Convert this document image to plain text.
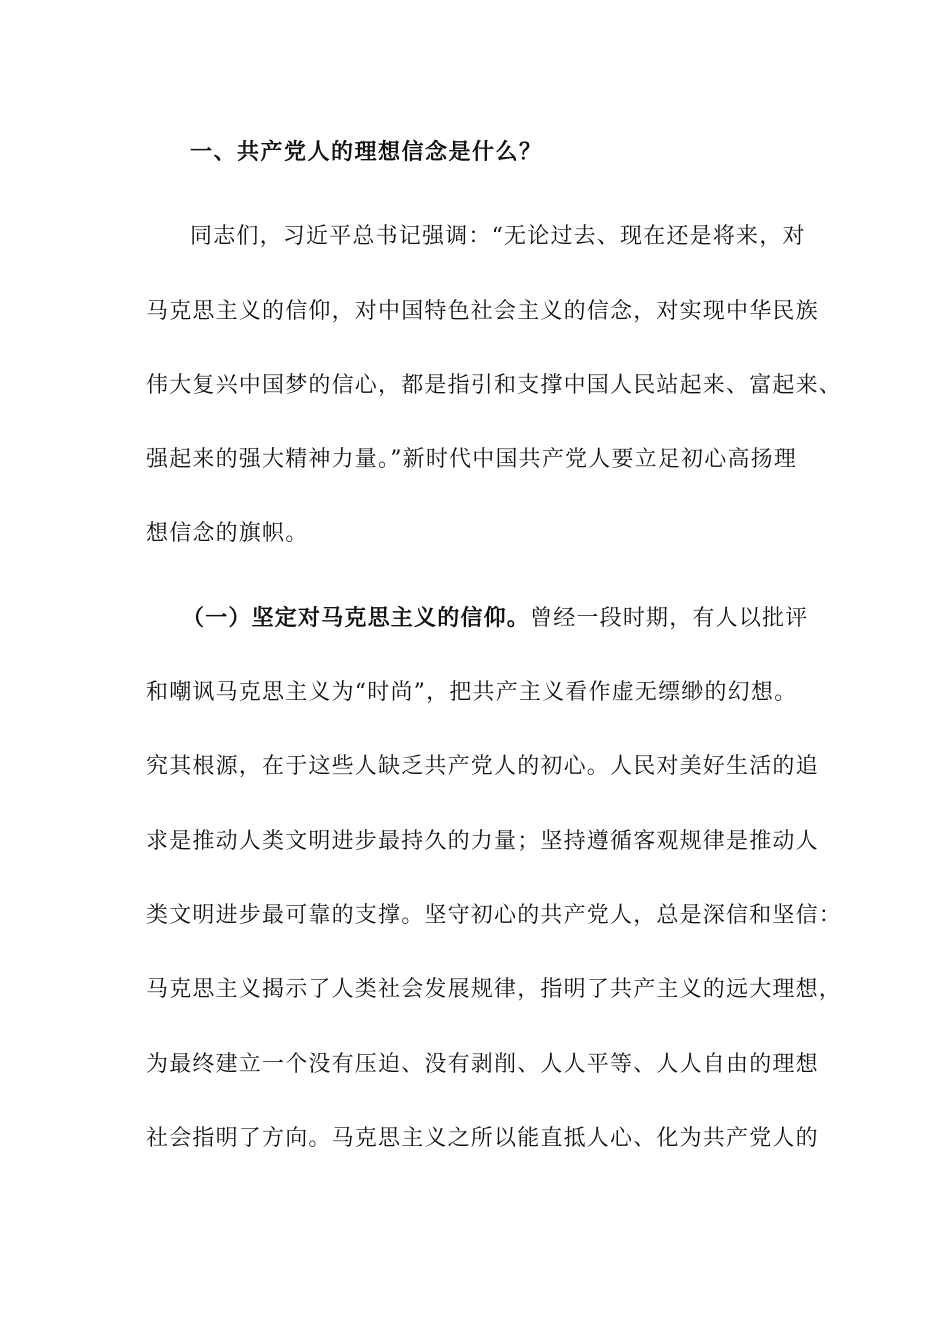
一、共产党人的理想信念是什么？
同志们，习近平总书记强调：“无论过去、现在还是将来，对
马克思主义的信仰，对中国特色社会主义的信念，对实现中华民族
伟大复兴中国梦的信心，都是指引和支撑中国人民站起来、富起来、
强起来的强大精神力量。”新时代中国共产党人要立足初心高扬理
想信念的旗帜。
（一）坚定对马克思主义的信仰。曾经一段时期，有人以批评
和嘲讽马克思主义为“时尚”，把共产主义看作虚无缥缈的幻想。
究其根源，在于这些人缺乏共产党人的初心。人民对美好生活的追
求是推动人类文明进步最持久的力量；坚持遵循客观规律是推动人
类文明进步最可靠的支撑。坚守初心的共产党人，总是深信和坚信：
马克思主义揭示了人类社会发展规律，指明了共产主义的远大理想，
为最终建立一个没有压迫、没有剥削、人人平等、人人自由的理想
社会指明了方向。马克思主义之所以能直抵人心、化为共产党人的
